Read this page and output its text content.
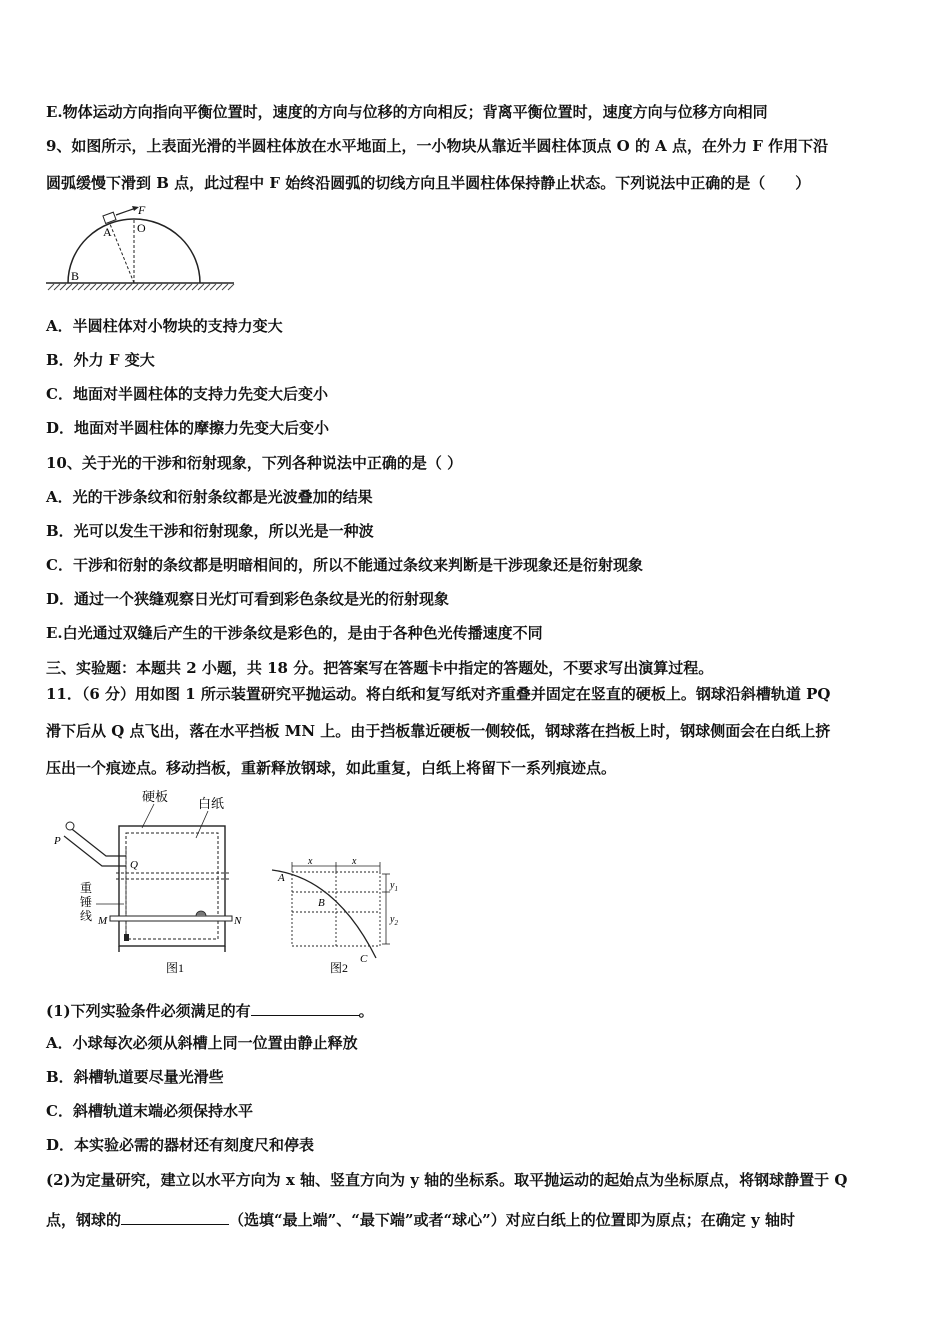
E.物体运动方向指向平衡位置时，速度的方向与位移的方向相反；背离平衡位置时，速度方向与位移方向相同
9、如图所示，上表面光滑的半圆柱体放在水平地面上，一小物块从靠近半圆柱体顶点 O 的 A 点，在外力 F 作用下沿
圆弧缓慢下滑到 B 点，此过程中 F 始终沿圆弧的切线方向且半圆柱体保持静止状态。下列说法中正确的是（　　）
F
A O
B
A．半圆柱体对小物块的支持力变大
B．外力 F 变大
C．地面对半圆柱体的支持力先变大后变小
D．地面对半圆柱体的摩擦力先变大后变小
10、关于光的干涉和衍射现象，下列各种说法中正确的是（ ）
A．光的干涉条纹和衍射条纹都是光波叠加的结果
B．光可以发生干涉和衍射现象，所以光是一种波
C．干涉和衍射的条纹都是明暗相间的，所以不能通过条纹来判断是干涉现象还是衍射现象
D．通过一个狭缝观察日光灯可看到彩色条纹是光的衍射现象
E.白光通过双缝后产生的干涉条纹是彩色的，是由于各种色光传播速度不同
三、实验题：本题共 2 小题，共 18 分。把答案写在答题卡中指定的答题处，不要求写出演算过程。
11．（6 分）用如图 1 所示装置研究平抛运动。将白纸和复写纸对齐重叠并固定在竖直的硬板上。钢球沿斜槽轨道 PQ
滑下后从 Q 点飞出，落在水平挡板 MN 上。由于挡板靠近硬板一侧较低，钢球落在挡板上时，钢球侧面会在白纸上挤
压出一个痕迹点。移动挡板，重新释放钢球，如此重复，白纸上将留下一系列痕迹点。
硬板 白纸
P
Q
重
锤
线 M	N
图1
x	x
$y_1$
$y_2$
A
B
C
图2
(1)下列实验条件必须满足的有	。
A．小球每次必须从斜槽上同一位置由静止释放
B．斜槽轨道要尽量光滑些
C．斜槽轨道末端必须保持水平
D．本实验必需的器材还有刻度尺和停表
(2)为定量研究，建立以水平方向为 x 轴、竖直方向为 y 轴的坐标系。取平抛运动的起始点为坐标原点，将钢球静置于 Q
点，钢球的	（选填“最上端”、“最下端”或者“球心”）对应白纸上的位置即为原点；在确定 y 轴时
